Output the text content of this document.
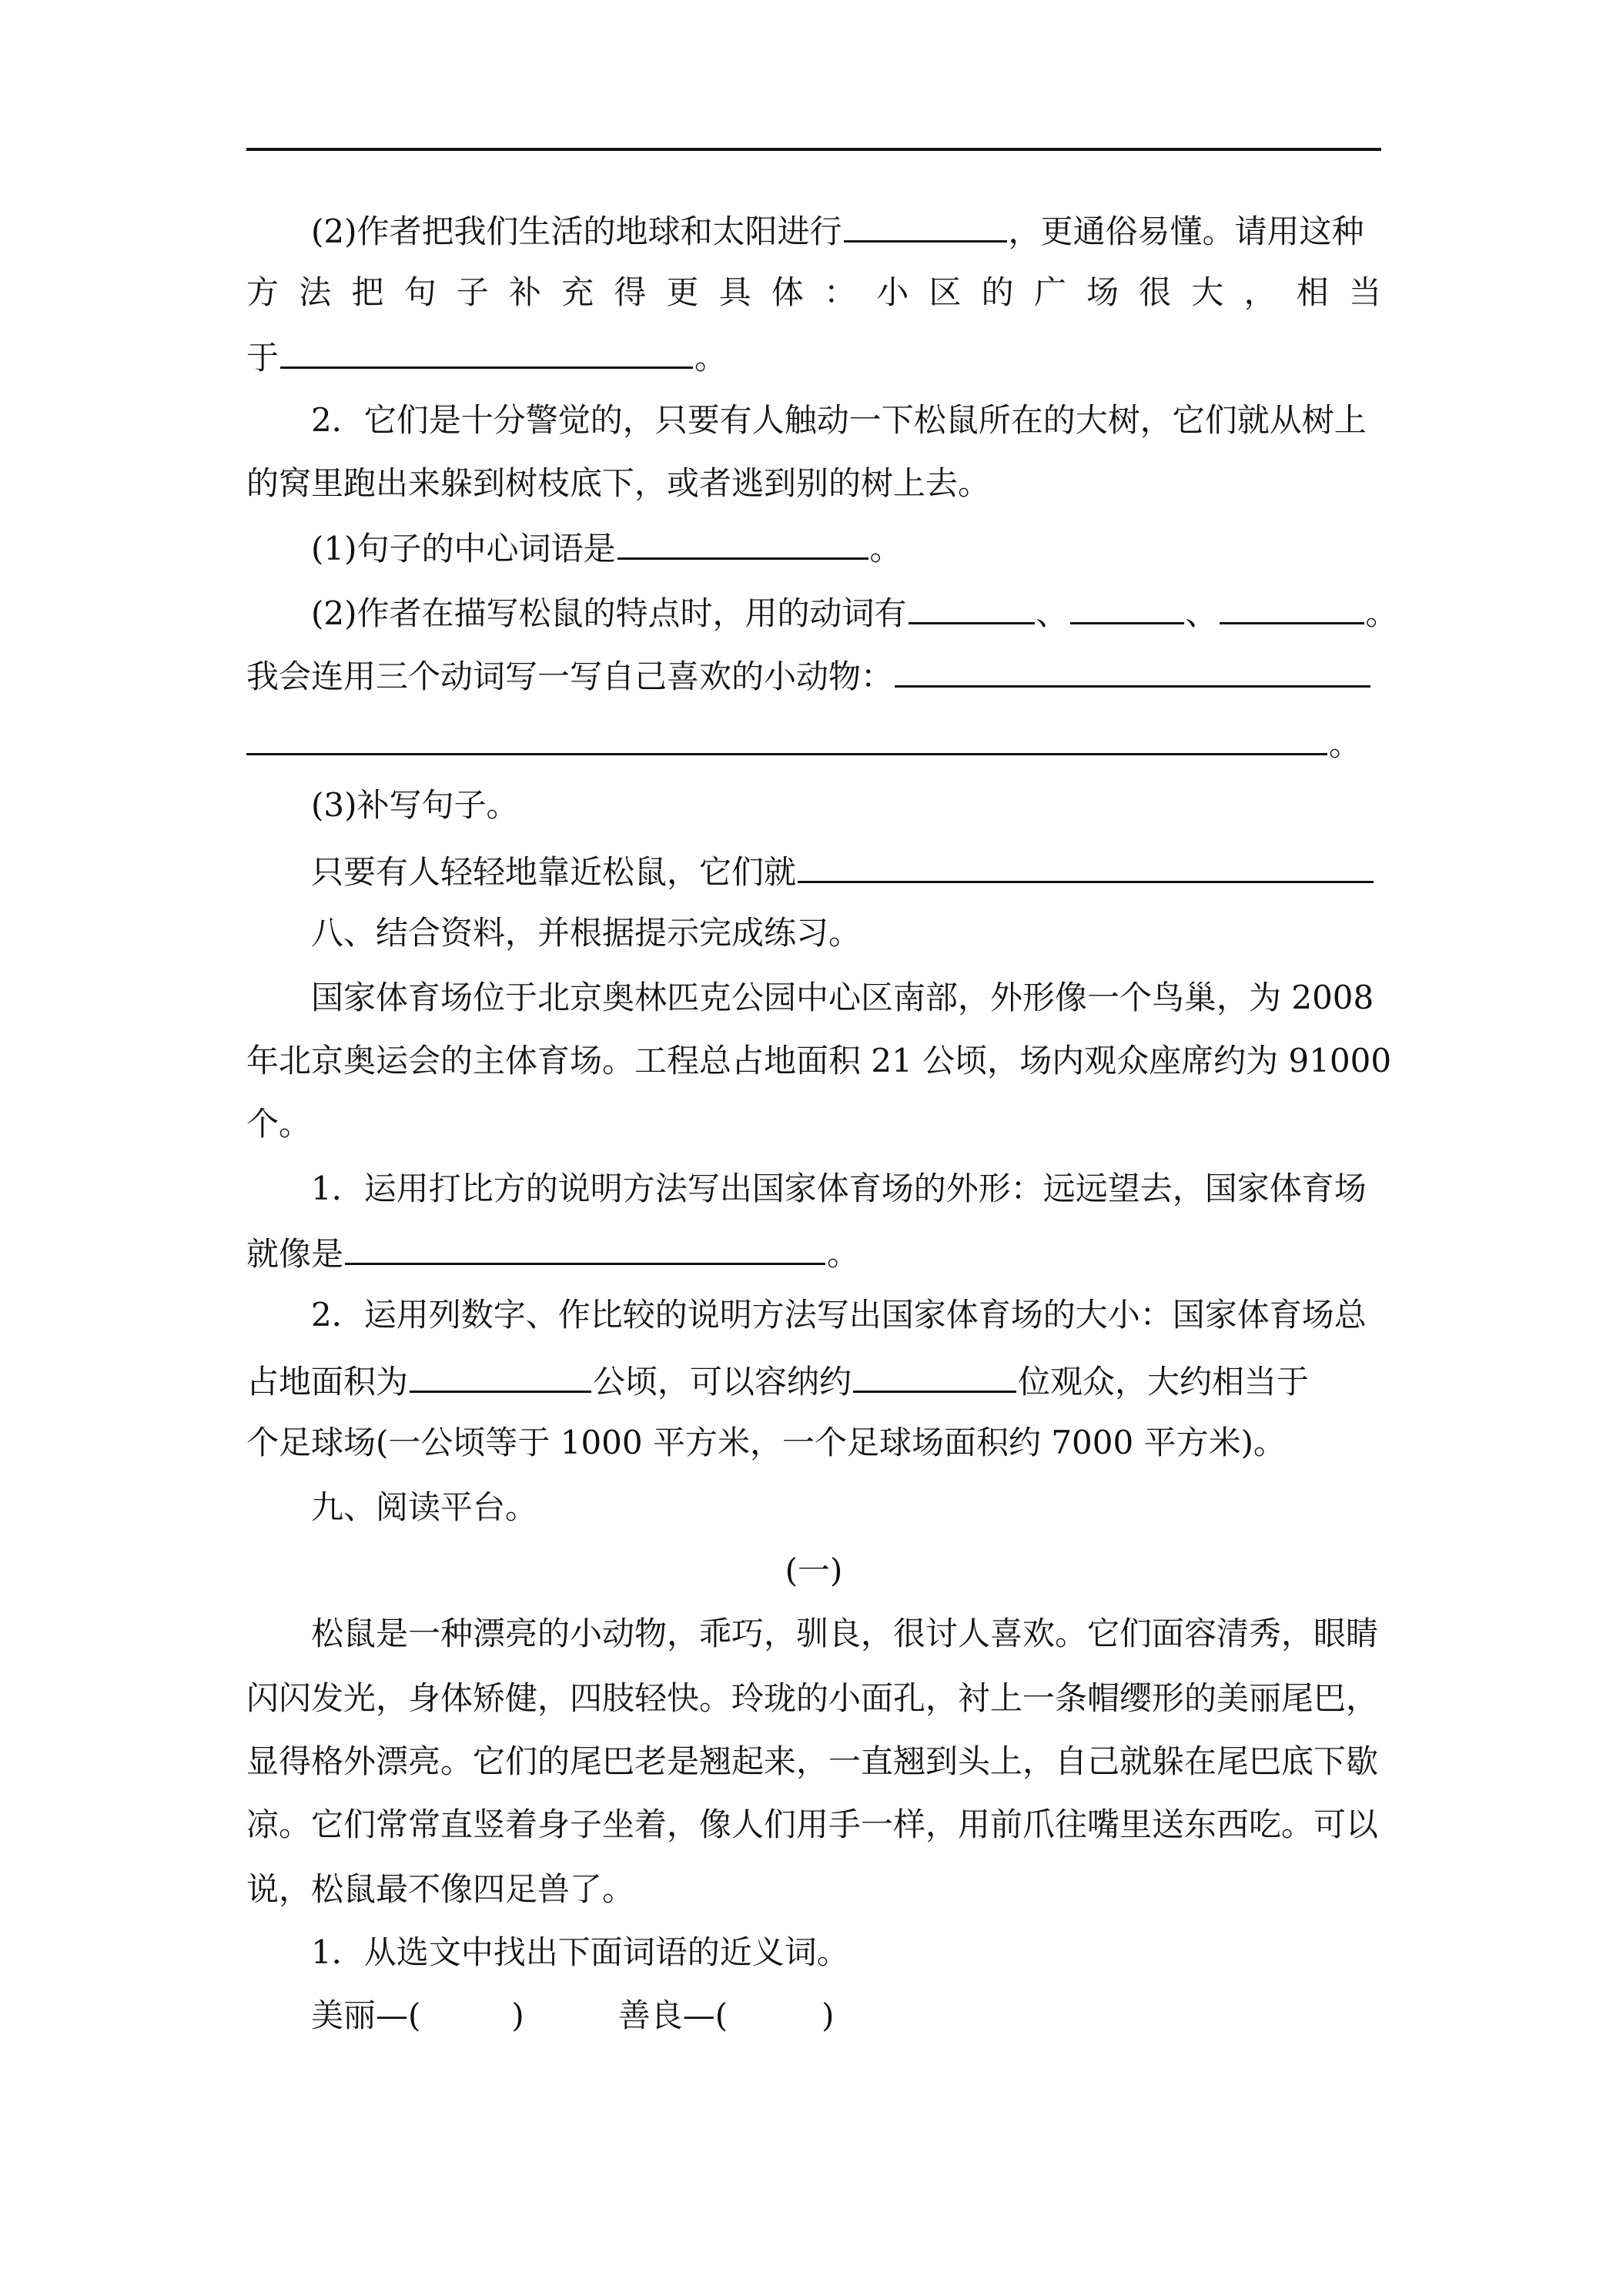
(2)作者把我们生活的地球和太阳进行	，更通俗易懂。请用这种
方 法 把 句 子 补 充 得 更 具 体 ： 小 区 的 广 场 很 大 ， 相 当
于	。
2．它们是十分警觉的，只要有人触动一下松鼠所在的大树，它们就从树上
的窝里跑出来躲到树枝底下，或者逃到别的树上去。
(1)句子的中心词语是	。
(2)作者在描写松鼠的特点时，用的动词有	、	、	。
我会连用三个动词写一写自己喜欢的小动物：
。
(3)补写句子。
只要有人轻轻地靠近松鼠，它们就
八、结合资料，并根据提示完成练习。
国家体育场位于北京奥林匹克公园中心区南部，外形像一个鸟巢，为 2008
年北京奥运会的主体育场。工程总占地面积 21 公顷，场内观众座席约为 91000
个。
1．运用打比方的说明方法写出国家体育场的外形：远远望去，国家体育场
就像是	。
2．运用列数字、作比较的说明方法写出国家体育场的大小：国家体育场总
占地面积为	公顷，可以容纳约	位观众，大约相当于
个足球场(一公顷等于 1000 平方米，一个足球场面积约 7000 平方米)。
九、阅读平台。
(一)
松鼠是一种漂亮的小动物，乖巧，驯良，很讨人喜欢。它们面容清秀，眼睛
闪闪发光，身体矫健，四肢轻快。玲珑的小面孔，衬上一条帽缨形的美丽尾巴，
显得格外漂亮。它们的尾巴老是翘起来，一直翘到头上，自己就躲在尾巴底下歇
凉。它们常常直竖着身子坐着，像人们用手一样，用前爪往嘴里送东西吃。可以
说，松鼠最不像四足兽了。
1．从选文中找出下面词语的近义词。
美丽—(	)	善良—(	)
